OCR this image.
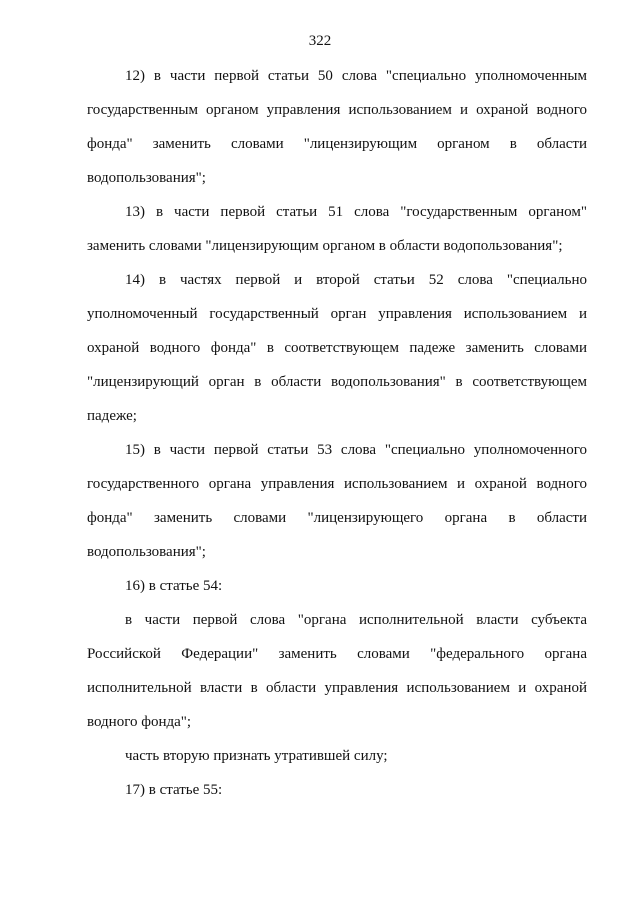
322
12) в части первой статьи 50 слова "специально уполномоченным
государственным органом управления использованием и охраной водного
фонда" заменить словами "лицензирующим органом в области
водопользования";
13) в части первой статьи 51 слова "государственным органом"
заменить словами "лицензирующим органом в области водопользования";
14) в частях первой и второй статьи 52 слова "специально
уполномоченный государственный орган управления использованием и
охраной водного фонда" в соответствующем падеже заменить словами
"лицензирующий орган в области водопользования" в соответствующем
падеже;
15) в части первой статьи 53 слова "специально уполномоченного
государственного органа управления использованием и охраной водного
фонда" заменить словами "лицензирующего органа в области
водопользования";
16) в статье 54:
в части первой слова "органа исполнительной власти субъекта
Российской Федерации" заменить словами "федерального органа
исполнительной власти в области управления использованием и охраной
водного фонда";
часть вторую признать утратившей силу;
17) в статье 55:
